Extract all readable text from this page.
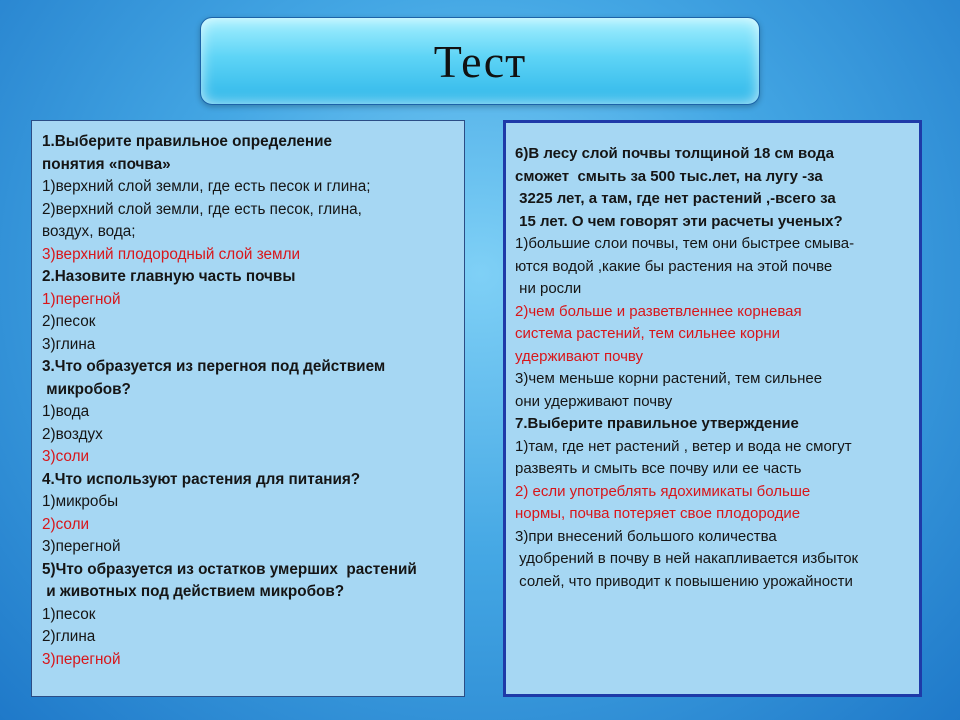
Тест
1.Выберите правильное определение
понятия «почва»
1)верхний слой земли, где есть песок и глина;
2)верхний слой земли, где есть песок, глина,
воздух, вода;
3)верхний плодородный слой земли
2.Назовите главную часть почвы
1)перегной
2)песок
3)глина
3.Что образуется из перегноя под действием
микробов?
1)вода
2)воздух
3)соли
4.Что используют растения для питания?
1)микробы
2)соли
3)перегной
5)Что образуется из остатков умерших  растений
и животных под действием микробов?
1)песок
2)глина
3)перегной
6)В лесу слой почвы толщиной 18 см вода
сможет  смыть за 500 тыс.лет, на лугу -за
3225 лет, а там, где нет растений ,-всего за
15 лет. О чем говорят эти расчеты ученых?
1)большие слои почвы, тем они быстрее смыва-
ются водой ,какие бы растения на этой почве
ни росли
2)чем больше и разветвленнее корневая
система растений, тем сильнее корни
удерживают почву
3)чем меньше корни растений, тем сильнее
они удерживают почву
7.Выберите правильное утверждение
1)там, где нет растений , ветер и вода не смогут
развеять и смыть все почву или ее часть
2) если употреблять ядохимикаты больше
нормы, почва потеряет свое плодородие
3)при внесений большого количества
удобрений в почву в ней накапливается избыток
солей, что приводит к повышению урожайности
